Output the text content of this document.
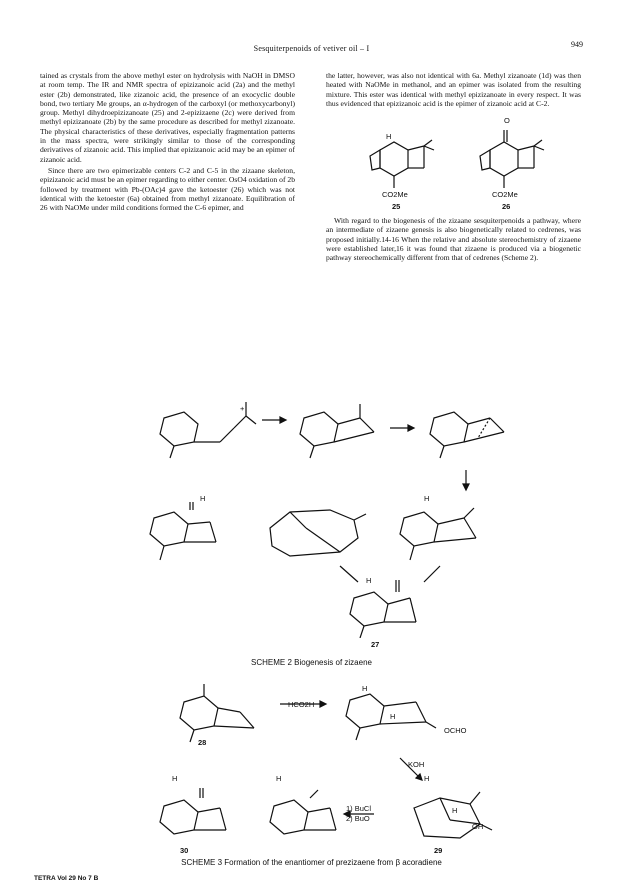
Sesquiterpenoids of vetiver oil – I	949

tained as crystals from the above methyl ester on hydrolysis with NaOH in DMSO at room temp. The IR and NMR spectra of epizizanoic acid (2a) and the methyl ester (2b) demonstrated, like zizanoic acid, the presence of an exocyclic double bond, two tertiary Me groups, an α-hydrogen of the carboxyl (or methoxycarbonyl) group. Methyl dihydroepizizanoate (25) and 2-epizizaene (2c) were derived from methyl epizizanoate (2b) by the same procedure as described for methyl zizanoate. The physical characteristics of these derivatives, especially fragmentation patterns in the mass spectra, were strikingly similar to those of the corresponding derivatives of zizanoic acid. This implied that epizizanoic acid may be an epimer of zizanoic acid.

Since there are two epimerizable centers C-2 and C-5 in the zizaane skeleton, epizizanoic acid must be an epimer regarding to either center. OsO4 oxidation of 2b followed by treatment with Pb-(OAc)4 gave the ketoester (26) which was not identical with the ketoester (6a) obtained from methyl zizanoate. Equilibration of 26 with NaOMe under mild conditions formed the C-6 epimer, and

the latter, however, was also not identical with 6a. Methyl zizanoate (1d) was then heated with NaOMe in methanol, and an epimer was isolated from the resulting mixture. This ester was identical with methyl epizizanoate in every respect. It was thus evidenced that epizizanoic acid is the epimer of zizanoic acid at C-2.

H
O
CO2Me	CO2Me
25	26

With regard to the biogenesis of the zizaane sesquiterpenoids a pathway, where an intermediate of zizaene genesis is also biogenetically related to cedrenes, was proposed initially.14-16 When the relative and absolute stereochemistry of zizaene were established later,16 it was found that zizaene is produced via a biogenetic pathway stereochemically different from that of cedrenes (Scheme 2).

+
H	H
H
27
SCHEME 2 Biogenesis of zizaene
HCO2H
OCHO
KOH
1) BuCl
2) BuO
OH
H
H
H	H	H
H
28
30	29
SCHEME 3 Formation of the enantiomer of prezizaene from β acoradiene
TETRA Vol 29 No 7 B
